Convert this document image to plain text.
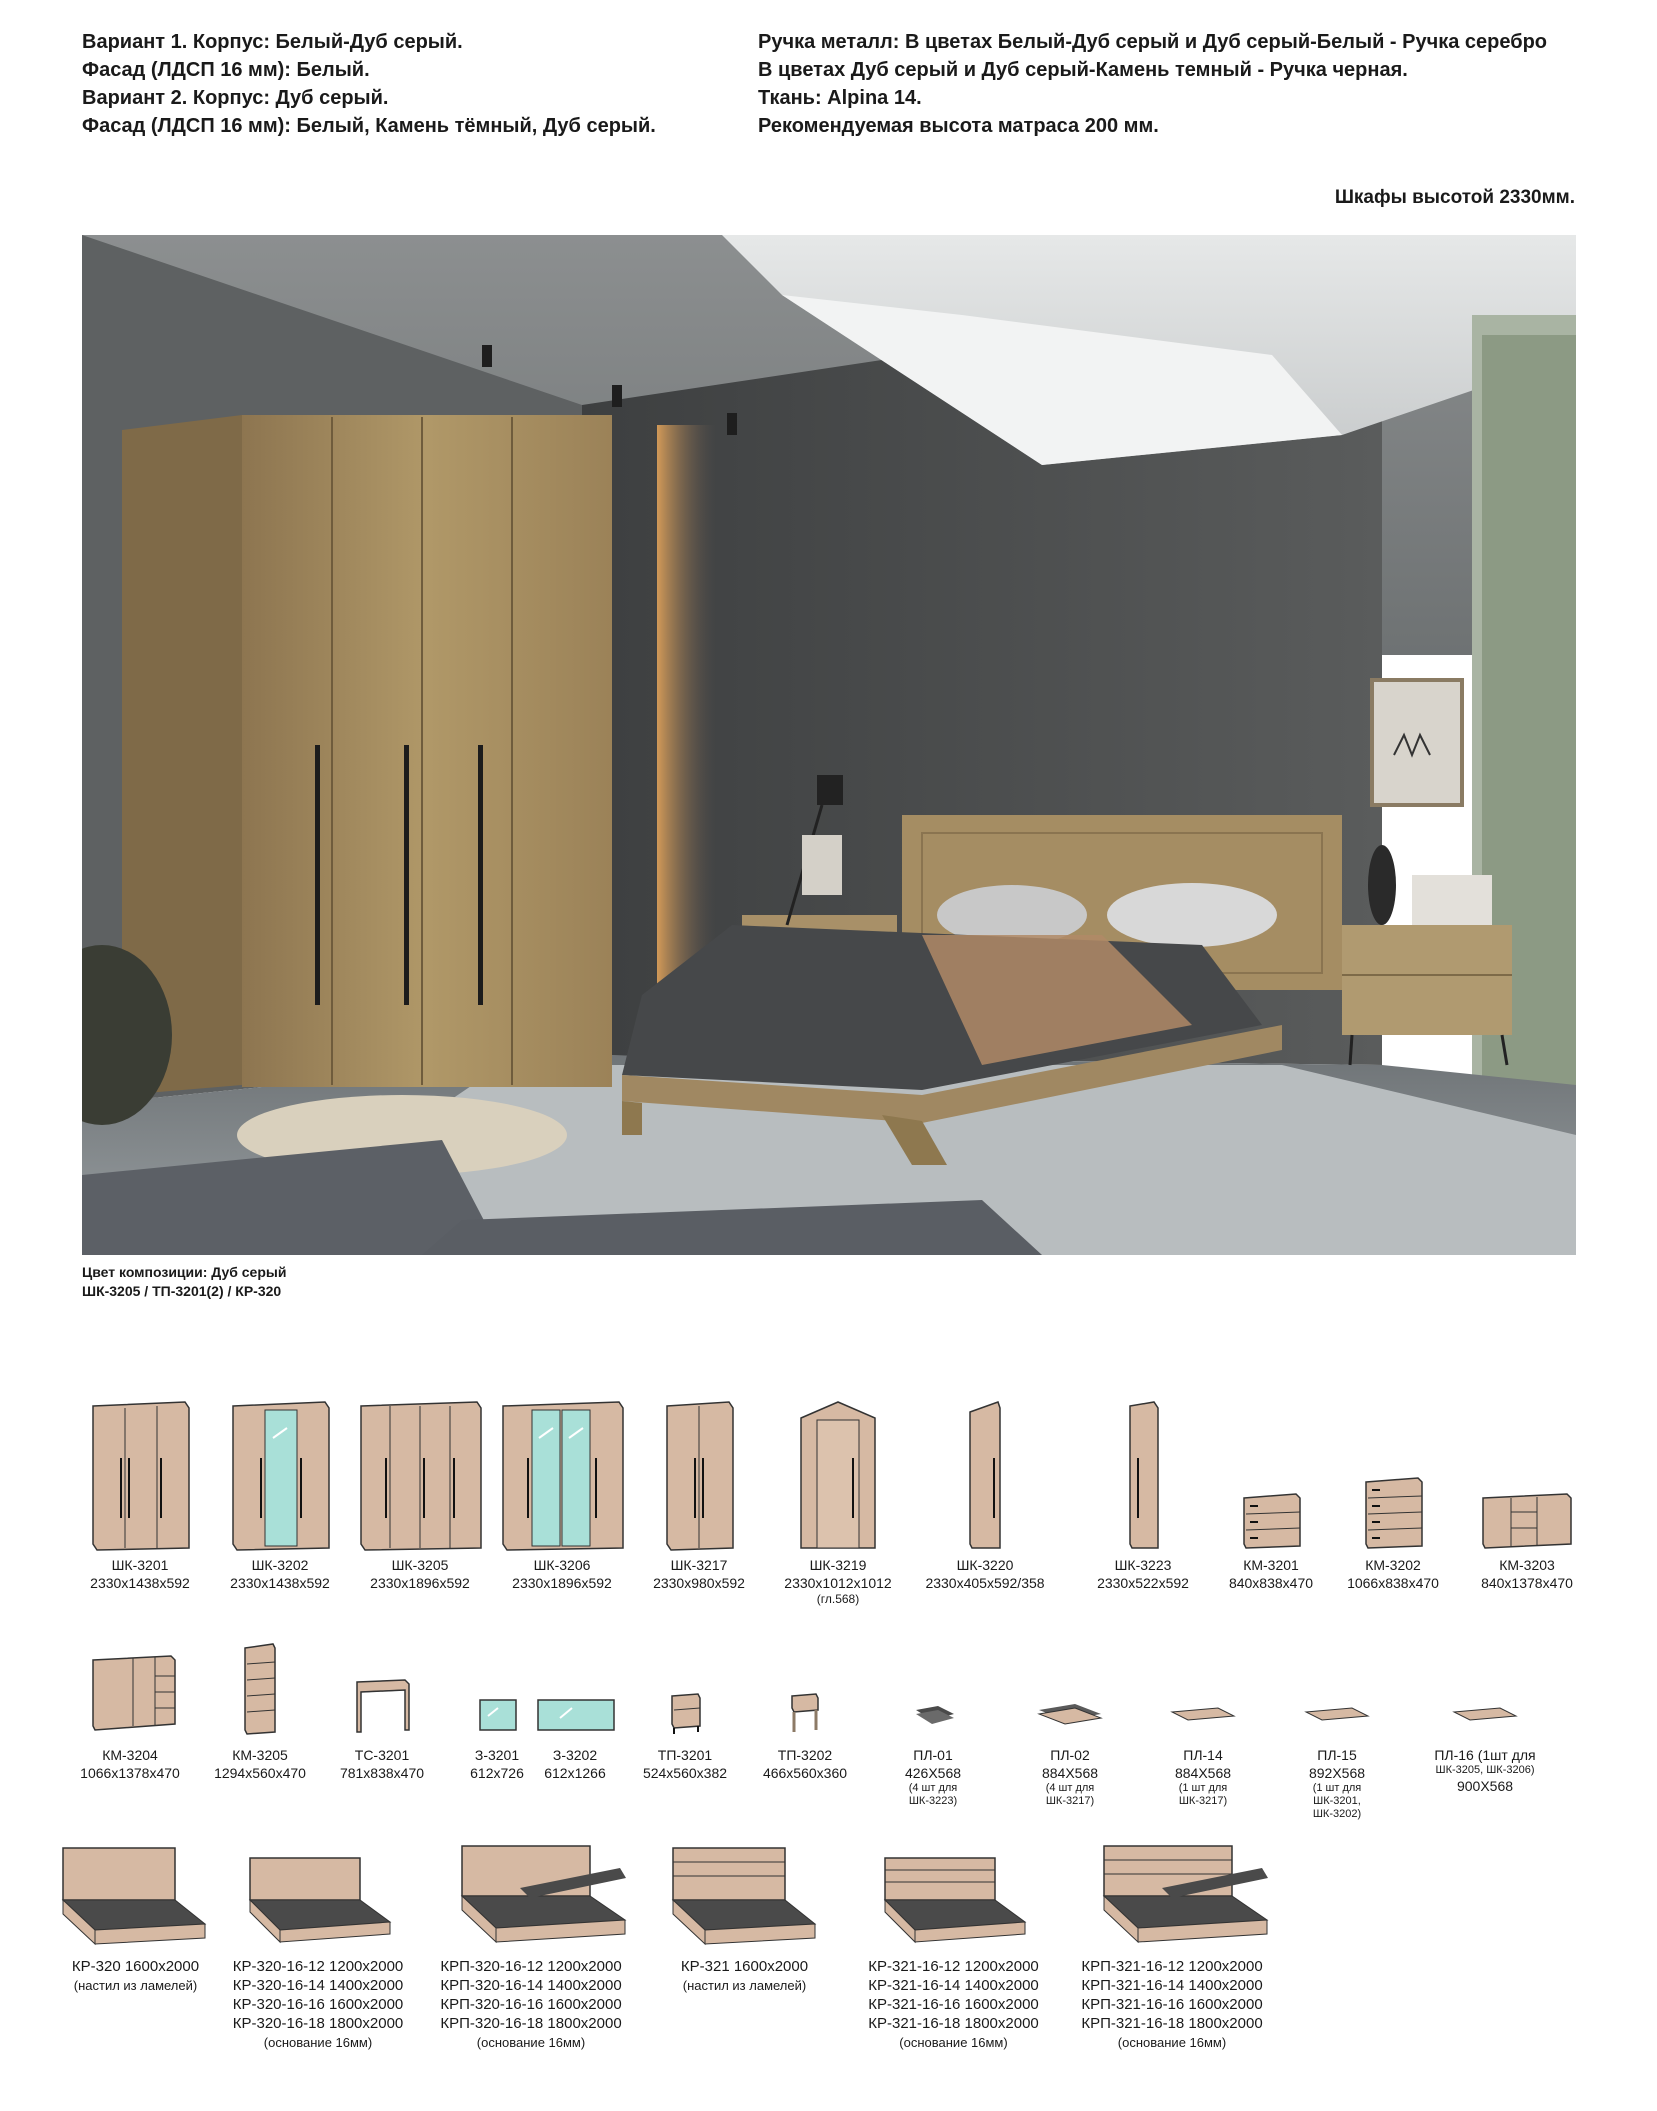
Вариант 1. Корпус: Белый-Дуб серый.
Фасад (ЛДСП 16 мм): Белый.
Вариант 2. Корпус: Дуб серый.
Фасад (ЛДСП 16 мм): Белый, Камень тёмный, Дуб серый.
Ручка металл: В цветах Белый-Дуб серый и Дуб серый-Белый - Ручка серебро
В цветах Дуб серый и Дуб серый-Камень темный - Ручка черная.
Ткань: Alpina 14.
Рекомендуемая высота матраса 200 мм.
Шкафы высотой 2330мм.
Цвет композиции: Дуб серый
ШК-3205 / ТП-3201(2) / КР-320
ШК-3201
2330x1438x592
ШК-3202
2330x1438x592
ШК-3205
2330x1896x592
ШК-3206
2330x1896x592
ШК-3217
2330x980x592
ШК-3219
2330x1012x1012
(гл.568)
ШК-3220
2330x405x592/358
ШК-3223
2330x522x592
КМ-3201
840x838x470
КМ-3202
1066x838x470
КМ-3203
840x1378x470
КМ-3204
1066x1378x470
КМ-3205
1294x560x470
ТС-3201
781x838x470
З-3201
612x726
З-3202
612x1266
ТП-3201
524x560x382
ТП-3202
466x560x360
ПЛ-01
426X568
(4 шт для
ШК-3223)
ПЛ-02
884X568
(4 шт для
ШК-3217)
ПЛ-14
884X568
(1 шт для
ШК-3217)
ПЛ-15
892X568
(1 шт для
ШК-3201,
ШК-3202)
ПЛ-16 (1шт для
ШК-3205, ШК-3206)
900X568
КР-320 1600x2000
(настил из ламелей)
КР-320-16-12 1200x2000
КР-320-16-14 1400x2000
КР-320-16-16 1600x2000
КР-320-16-18 1800x2000
(основание 16мм)
КРП-320-16-12 1200x2000
КРП-320-16-14 1400x2000
КРП-320-16-16 1600x2000
КРП-320-16-18 1800x2000
(основание 16мм)
КР-321 1600x2000
(настил из ламелей)
КР-321-16-12 1200x2000
КР-321-16-14 1400x2000
КР-321-16-16 1600x2000
КР-321-16-18 1800x2000
(основание 16мм)
КРП-321-16-12 1200x2000
КРП-321-16-14 1400x2000
КРП-321-16-16 1600x2000
КРП-321-16-18 1800x2000
(основание 16мм)
